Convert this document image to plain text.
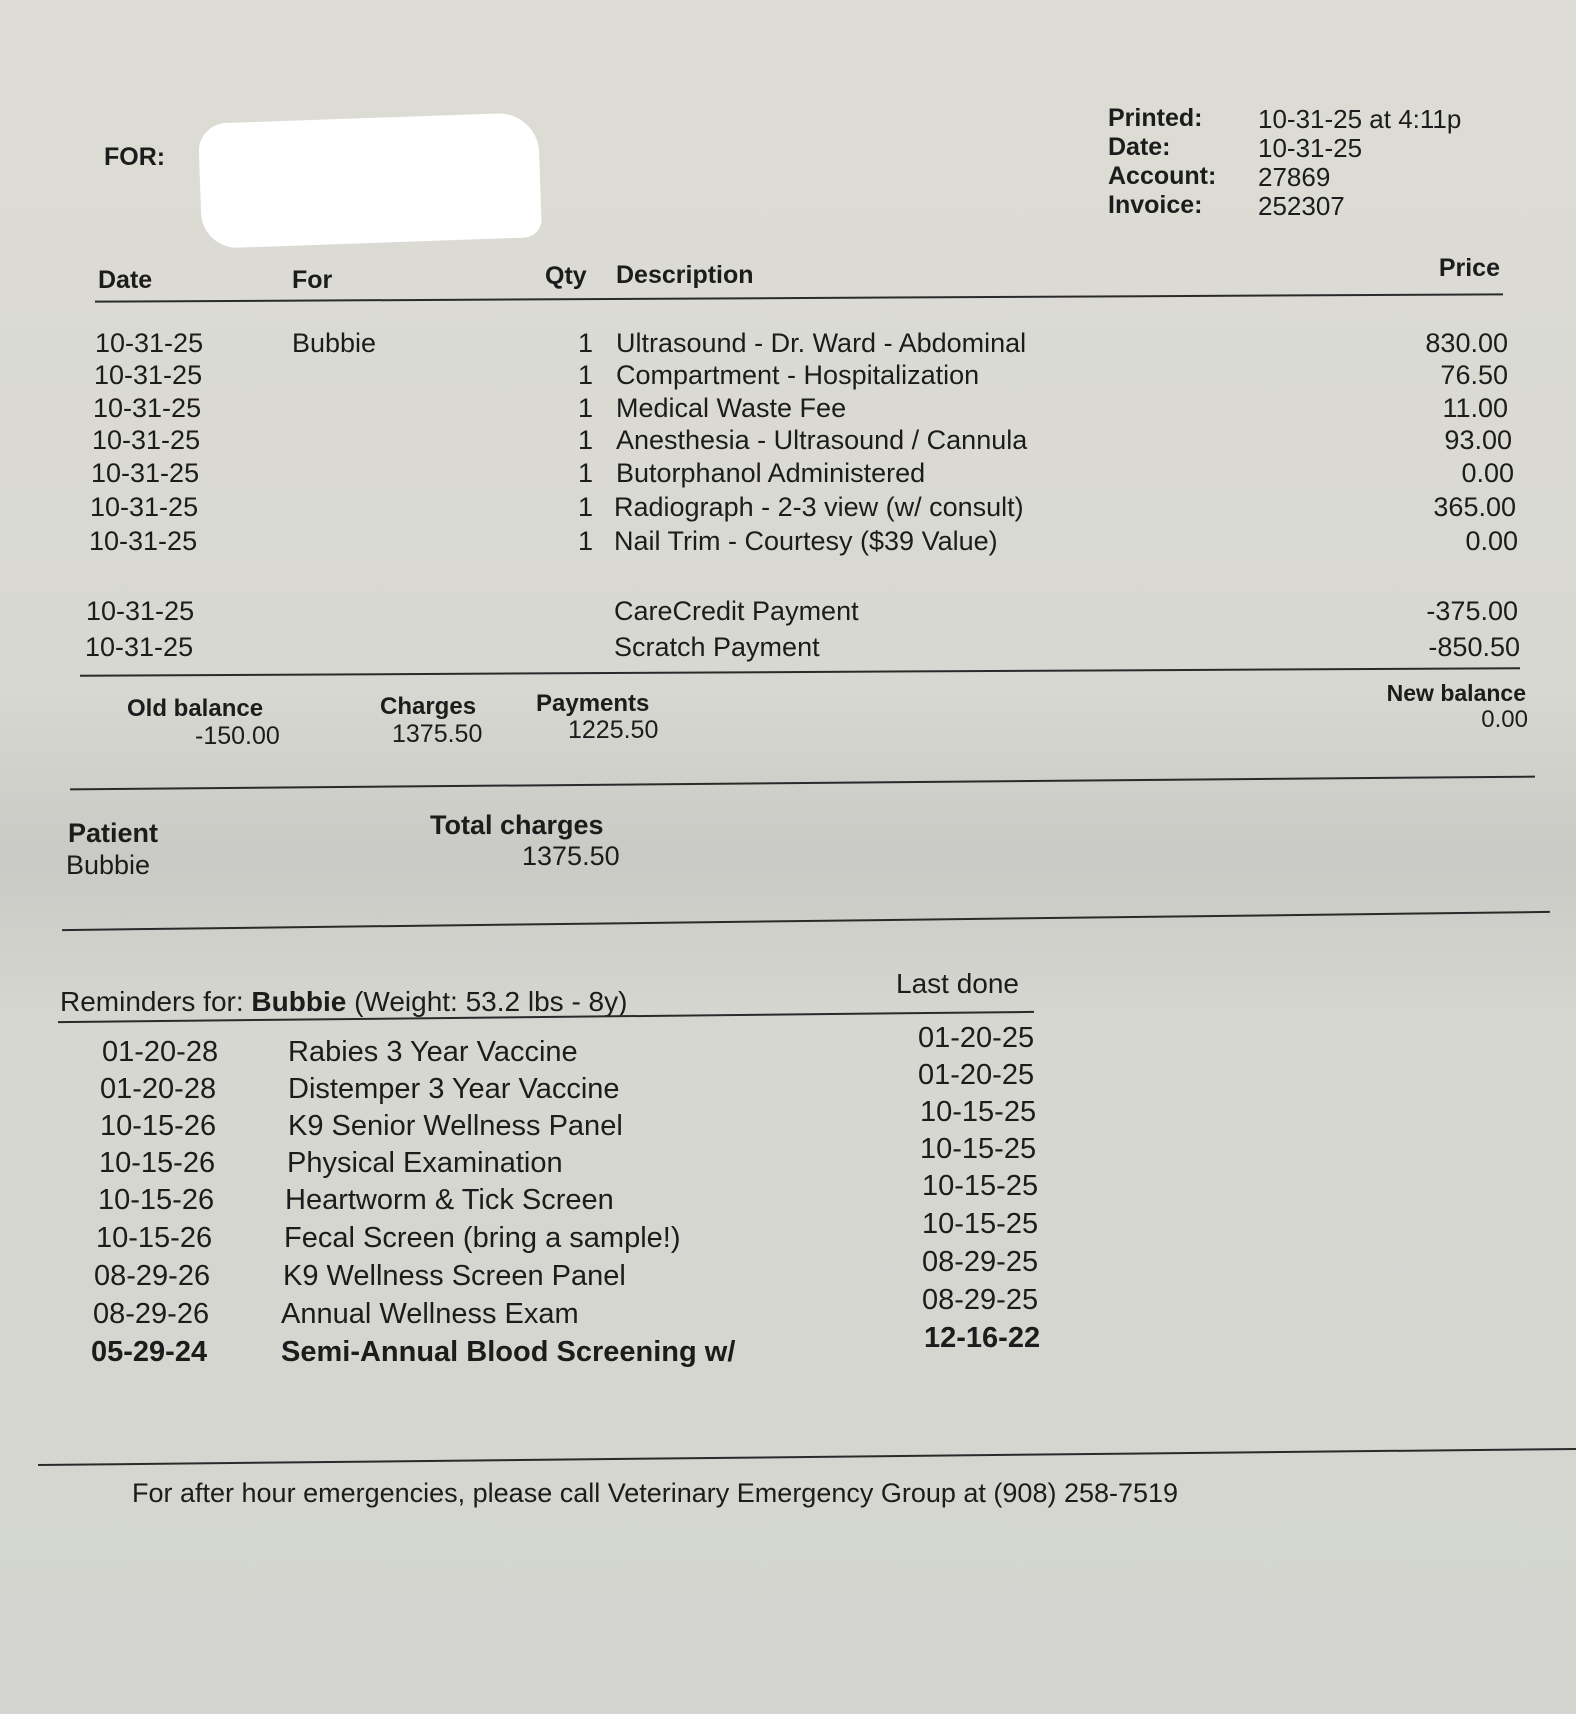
FOR:
Printed: 10-31-25 at 4:11p
Date:	10-31-25
Account: 27869
Invoice: 252307
Date	For	Qty Description	Price
10-31-25	Bubbie	1 Ultrasound - Dr. Ward - Abdominal	830.00
10-31-25	1 Compartment - Hospitalization	76.50
10-31-25	1 Medical Waste Fee	11.00
10-31-25	1 Anesthesia - Ultrasound / Cannula	93.00
10-31-25	1 Butorphanol Administered	0.00
10-31-25	1 Radiograph - 2-3 view (w/ consult)	365.00
10-31-25	1 Nail Trim - Courtesy ($39 Value)	0.00
10-31-25	CareCredit Payment	-375.00
10-31-25	Scratch Payment	-850.50
Old balance
-150.00
Charges
1375.50
Payments
1225.50
New balance
0.00
Patient
Bubbie
Total charges
1375.50
Reminders for: Bubbie (Weight: 53.2 lbs - 8y)
Last done
01-20-28 Rabies 3 Year Vaccine	01-20-25
01-20-28 Distemper 3 Year Vaccine	01-20-25
10-15-26 K9 Senior Wellness Panel	10-15-25
10-15-26 Physical Examination	10-15-25
10-15-26 Heartworm & Tick Screen	10-15-25
10-15-26 Fecal Screen (bring a sample!)	10-15-25
08-29-26	K9 Wellness Screen Panel	08-29-25
08-29-26 Annual Wellness Exam	08-29-25
05-29-24	Semi-Annual Blood Screening w/	12-16-22
For after hour emergencies, please call Veterinary Emergency Group at (908) 258-7519
